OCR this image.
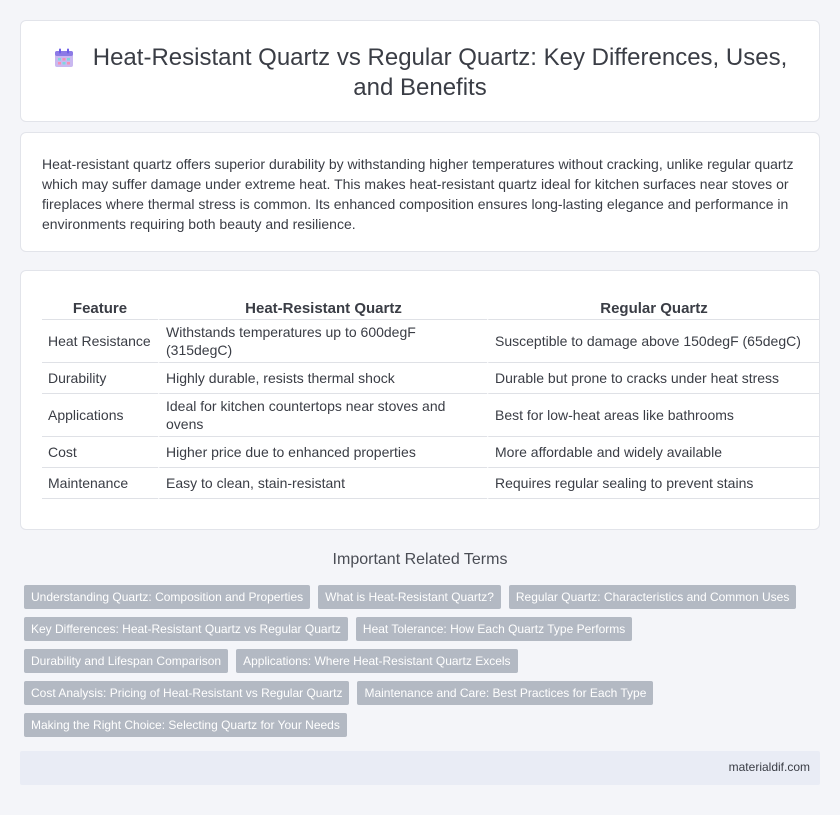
Heat-Resistant Quartz vs Regular Quartz: Key Differences, Uses, and Benefits

Heat-resistant quartz offers superior durability by withstanding higher temperatures without cracking, unlike regular quartz which may suffer damage under extreme heat. This makes heat-resistant quartz ideal for kitchen surfaces near stoves or fireplaces where thermal stress is common. Its enhanced composition ensures long-lasting elegance and performance in environments requiring both beauty and resilience.

Feature	Heat-Resistant Quartz	Regular Quartz
Heat Resistance	Withstands temperatures up to 600degF (315degC)	Susceptible to damage above 150degF (65degC)
Durability	Highly durable, resists thermal shock	Durable but prone to cracks under heat stress
Applications	Ideal for kitchen countertops near stoves and ovens	Best for low-heat areas like bathrooms
Cost	Higher price due to enhanced properties	More affordable and widely available
Maintenance	Easy to clean, stain-resistant	Requires regular sealing to prevent stains
Important Related Terms
Understanding Quartz: Composition and Properties	What is Heat-Resistant Quartz?	Regular Quartz: Characteristics and Common Uses
Key Differences: Heat-Resistant Quartz vs Regular Quartz	Heat Tolerance: How Each Quartz Type Performs
Durability and Lifespan Comparison	Applications: Where Heat-Resistant Quartz Excels
Cost Analysis: Pricing of Heat-Resistant vs Regular Quartz	Maintenance and Care: Best Practices for Each Type
Making the Right Choice: Selecting Quartz for Your Needs
materialdif.com
